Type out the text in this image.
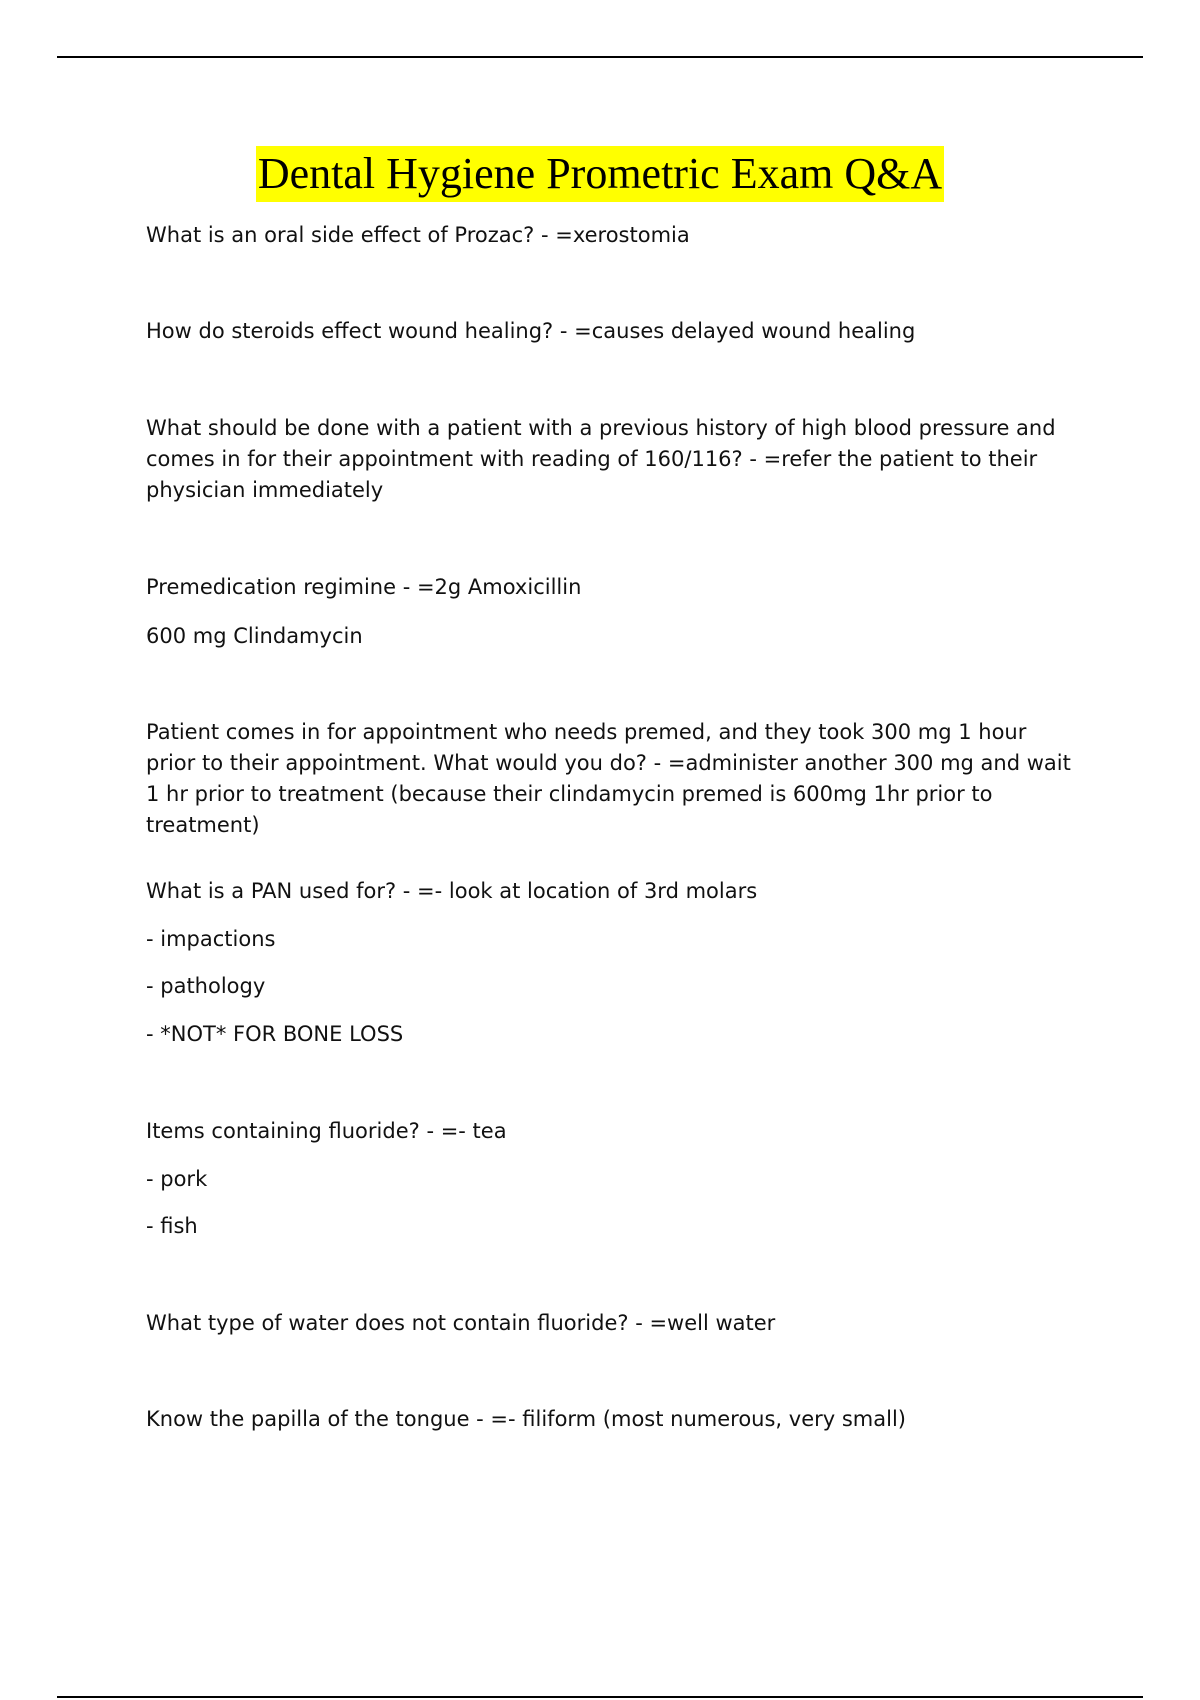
Dental Hygiene Prometric Exam Q&A

What is an oral side effect of Prozac? - =xerostomia

How do steroids effect wound healing? - =causes delayed wound healing

What should be done with a patient with a previous history of high blood pressure and comes in for their appointment with reading of 160/116? - =refer the patient to their physician immediately

Premedication regimine - =2g Amoxicillin

600 mg Clindamycin

Patient comes in for appointment who needs premed, and they took 300 mg 1 hour prior to their appointment. What would you do? - =administer another 300 mg and wait 1 hr prior to treatment (because their clindamycin premed is 600mg 1hr prior to treatment)

What is a PAN used for? - =- look at location of 3rd molars

- impactions

- pathology

- *NOT* FOR BONE LOSS

Items containing fluoride? - =- tea

- pork

- fish

What type of water does not contain fluoride? - =well water

Know the papilla of the tongue - =- filiform (most numerous, very small)
